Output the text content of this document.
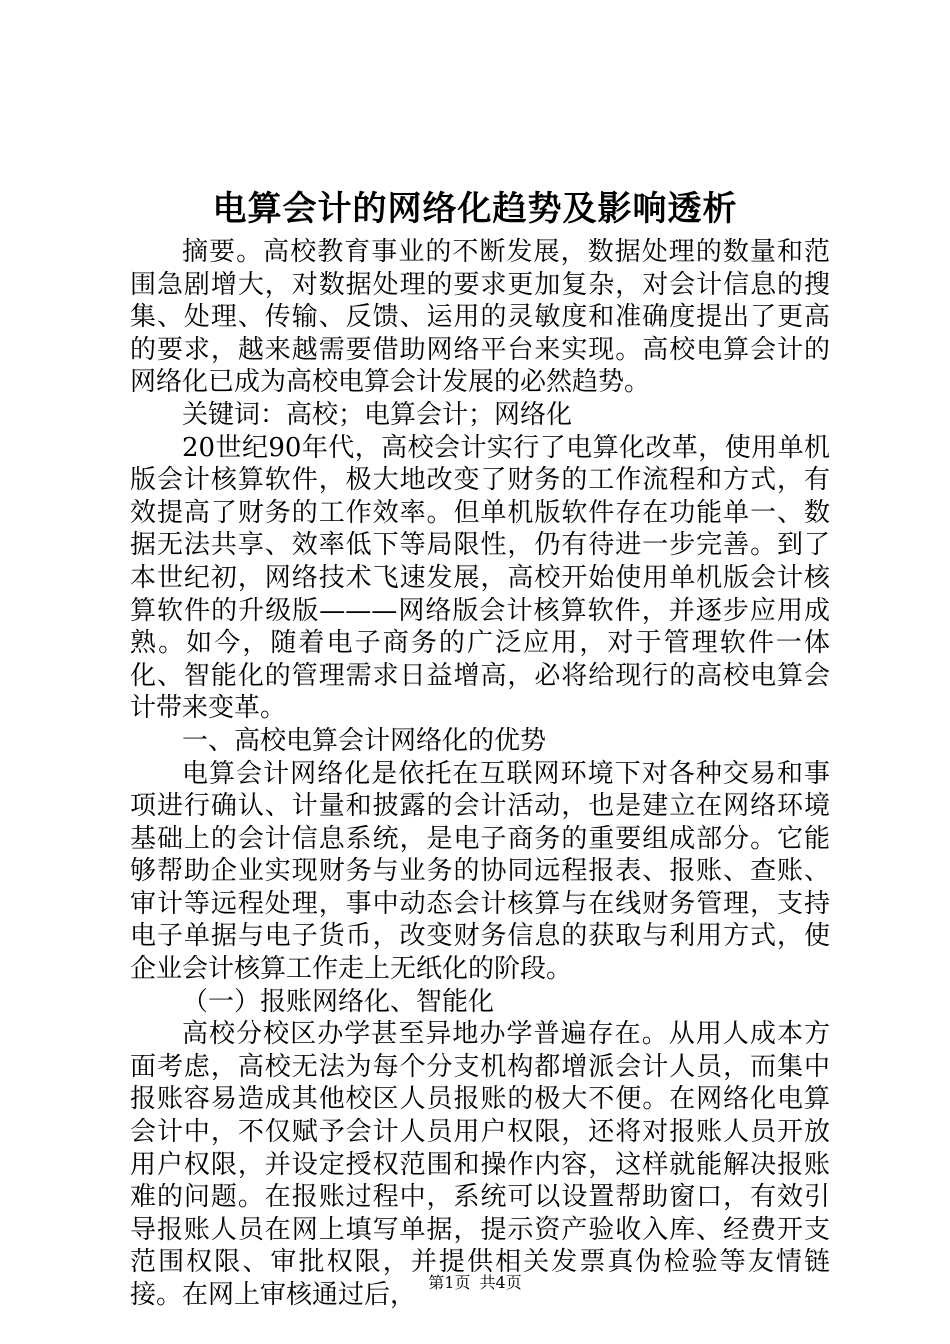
电算会计的网络化趋势及影响透析

摘要。高校教育事业的不断发展，数据处理的数量和范围急剧增大，对数据处理的要求更加复杂，对会计信息的搜集、处理、传输、反馈、运用的灵敏度和准确度提出了更高的要求，越来越需要借助网络平台来实现。高校电算会计的网络化已成为高校电算会计发展的必然趋势。

关键词：高校；电算会计；网络化

20世纪90年代，高校会计实行了电算化改革，使用单机版会计核算软件，极大地改变了财务的工作流程和方式，有效提高了财务的工作效率。但单机版软件存在功能单一、数据无法共享、效率低下等局限性，仍有待进一步完善。到了本世纪初，网络技术飞速发展，高校开始使用单机版会计核算软件的升级版———网络版会计核算软件，并逐步应用成熟。如今，随着电子商务的广泛应用，对于管理软件一体化、智能化的管理需求日益增高，必将给现行的高校电算会计带来变革。

一、高校电算会计网络化的优势

电算会计网络化是依托在互联网环境下对各种交易和事项进行确认、计量和披露的会计活动，也是建立在网络环境基础上的会计信息系统，是电子商务的重要组成部分。它能够帮助企业实现财务与业务的协同远程报表、报账、查账、审计等远程处理，事中动态会计核算与在线财务管理，支持电子单据与电子货币，改变财务信息的获取与利用方式，使企业会计核算工作走上无纸化的阶段。

（一）报账网络化、智能化

高校分校区办学甚至异地办学普遍存在。从用人成本方面考虑，高校无法为每个分支机构都增派会计人员，而集中报账容易造成其他校区人员报账的极大不便。在网络化电算会计中，不仅赋予会计人员用户权限，还将对报账人员开放用户权限，并设定授权范围和操作内容，这样就能解决报账难的问题。在报账过程中，系统可以设置帮助窗口，有效引导报账人员在网上填写单据，提示资产验收入库、经费开支范围权限、审批权限，并提供相关发票真伪检验等友情链接。在网上审核通过后， 第1页 共4页
